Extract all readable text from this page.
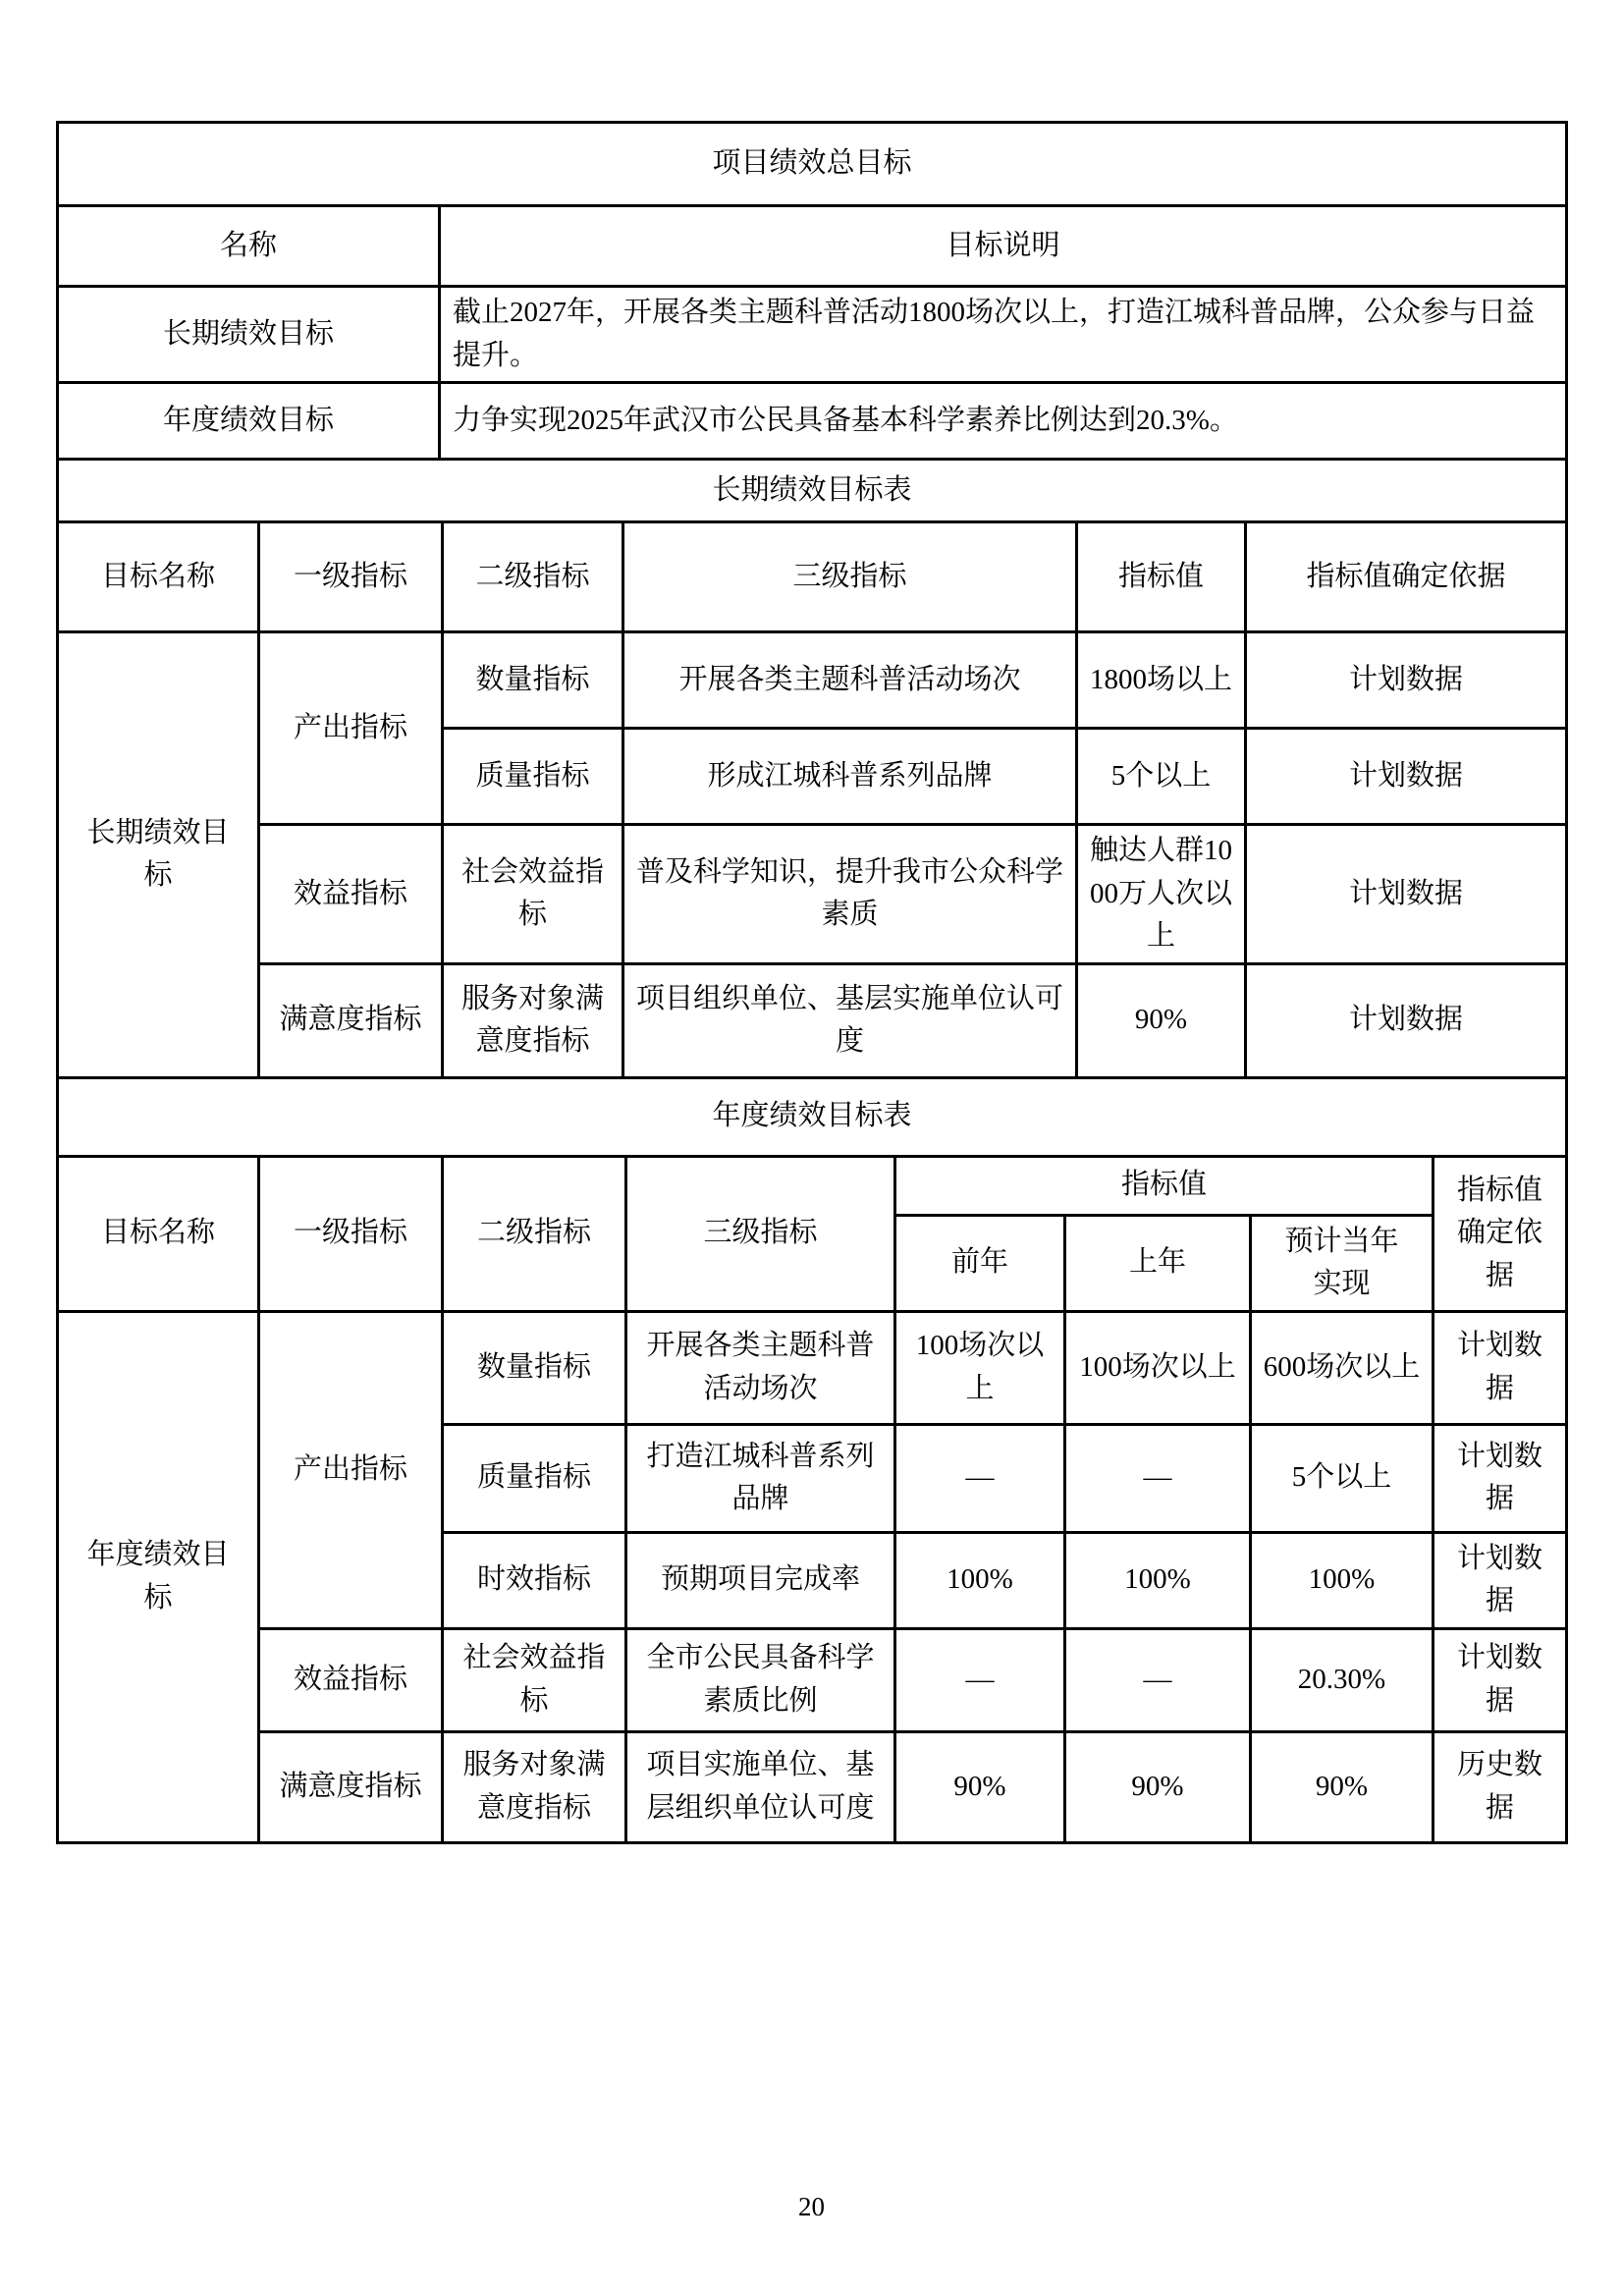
项目绩效总目标	
名称	目标说明
长期绩效目标	截止2027年，开展各类主题科普活动1800场次以上，打造江城科普品牌，公众参与日益提升。
年度绩效目标	力争实现2025年武汉市公民具备基本科学素养比例达到20.3%。
长期绩效目标表					
目标名称	一级指标	二级指标	三级指标	指标值	指标值确定依据
长期绩效目标	产出指标	数量指标	开展各类主题科普活动场次	1800场以上	计划数据
		质量指标	形成江城科普系列品牌	5个以上	计划数据
	效益指标	社会效益指标	普及科学知识，提升我市公众科学素质	触达人群1000万人次以上	计划数据
	满意度指标	服务对象满意度指标	项目组织单位、基层实施单位认可度	90%	计划数据
年度绩效目标表							
目标名称	一级指标	二级指标	三级指标	指标值			指标值确定依据
				前年	上年	预计当年实现	
年度绩效目标	产出指标	数量指标	开展各类主题科普活动场次	100场次以上	100场次以上	600场次以上	计划数据
		质量指标	打造江城科普系列品牌	—	—	5个以上	计划数据
		时效指标	预期项目完成率	100%	100%	100%	计划数据
	效益指标	社会效益指标	全市公民具备科学素质比例	—	—	20.30%	计划数据
	满意度指标	服务对象满意度指标	项目实施单位、基层组织单位认可度	90%	90%	90%	历史数据
20
